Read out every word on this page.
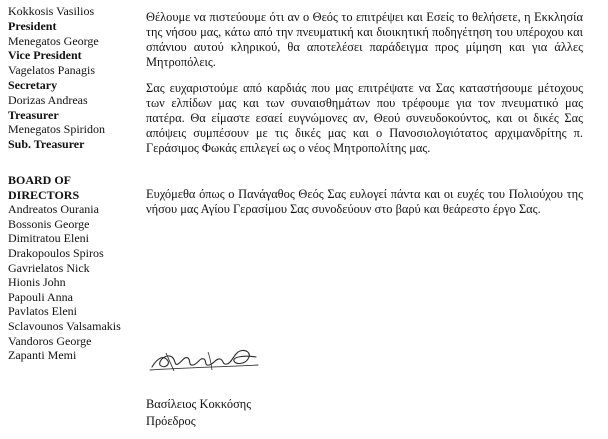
Kokkosis Vasilios
President
Menegatos George
Vice President
Vagelatos Panagis
Secretary
Dorizas Andreas
Treasurer
Menegatos Spiridon
Sub. Treasurer
BOARD OF
DIRECTORS
Andreatos Ourania
Bossonis George
Dimitratou Eleni
Drakopoulos Spiros
Gavrielatos Nick
Hionis John
Papouli Anna
Pavlatos Eleni
Sclavounos Valsamakis
Vandoros George
Zapanti Memi

Θέλουμε να πιστεύουμε ότι αν ο Θεός το επιτρέψει και Εσείς το θελήσετε, η Εκκλησία της νήσου μας, κάτω από την πνευματική και διοικητική ποδηγέτηση του υπέροχου και σπάνιου αυτού κληρικού, θα αποτελέσει παράδειγμα προς μίμηση και για άλλες Μητροπόλεις.

Σας ευχαριστούμε από καρδιάς που μας επιτρέψατε να Σας καταστήσουμε μέτοχους των ελπίδων μας και των συναισθημάτων που τρέφουμε για τον πνευματικό μας πατέρα. Θα είμαστε εσαεί ευγνώμονες αν, Θεού συνευδοκούντος, και οι δικές Σας απόψεις συμπέσουν με τις δικές μας και ο Πανοσιολογιότατος αρχιμανδρίτης π. Γεράσιμος Φωκάς επιλεγεί ως ο νέος Μητροπολίτης μας.

Ευχόμεθα όπως ο Πανάγαθος Θεός Σας ευλογεί πάντα και οι ευχές του Πολιούχου της νήσου μας Αγίου Γερασίμου Σας συνοδεύουν στο βαρύ και θεάρεστο έργο Σας.

Βασίλειος Κοκκόσης
Πρόεδρος
